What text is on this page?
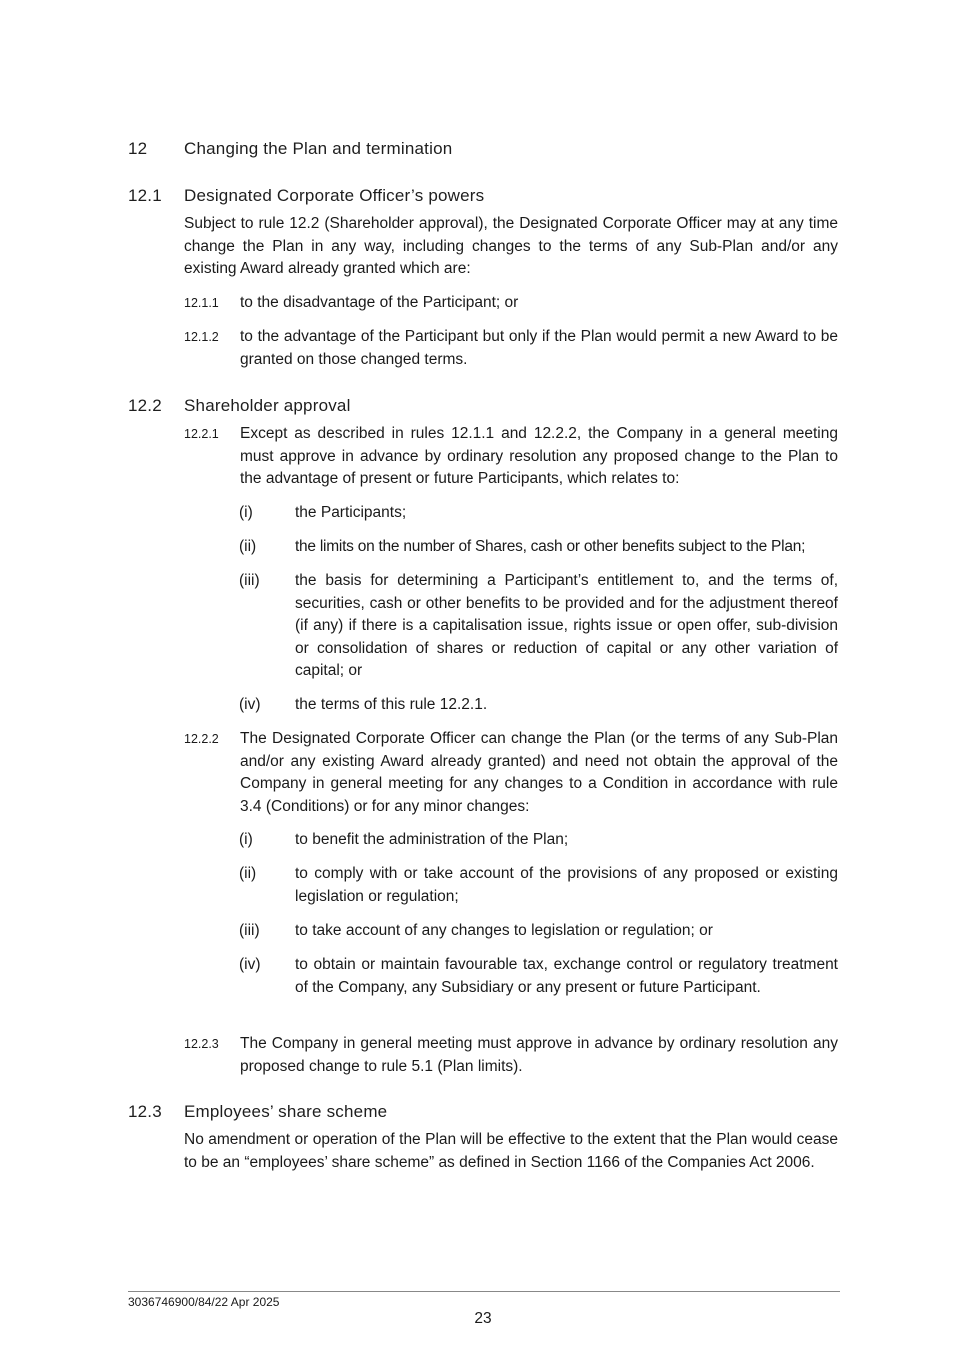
12 Changing the Plan and termination
12.1 Designated Corporate Officer’s powers
Subject to rule 12.2 (Shareholder approval), the Designated Corporate Officer may at any time change the Plan in any way, including changes to the terms of any Sub-Plan and/or any existing Award already granted which are:
12.1.1 to the disadvantage of the Participant; or
12.1.2 to the advantage of the Participant but only if the Plan would permit a new Award to be granted on those changed terms.
12.2 Shareholder approval
12.2.1 Except as described in rules 12.1.1 and 12.2.2, the Company in a general meeting must approve in advance by ordinary resolution any proposed change to the Plan to the advantage of present or future Participants, which relates to:
(i)	the Participants;
(ii)	the limits on the number of Shares, cash or other benefits subject to the Plan;
(iii) the basis for determining a Participant’s entitlement to, and the terms of, securities, cash or other benefits to be provided and for the adjustment thereof (if any) if there is a capitalisation issue, rights issue or open offer, sub-division or consolidation of shares or reduction of capital or any other variation of capital; or
(iv) the terms of this rule 12.2.1.
12.2.2 The Designated Corporate Officer can change the Plan (or the terms of any Sub-Plan and/or any existing Award already granted) and need not obtain the approval of the Company in general meeting for any changes to a Condition in accordance with rule 3.4 (Conditions) or for any minor changes:
(i)	to benefit the administration of the Plan;
(ii)	to comply with or take account of the provisions of any proposed or existing legislation or regulation;
(iii) to take account of any changes to legislation or regulation; or
(iv) to obtain or maintain favourable tax, exchange control or regulatory treatment of the Company, any Subsidiary or any present or future Participant.
12.2.3 The Company in general meeting must approve in advance by ordinary resolution any proposed change to rule 5.1 (Plan limits).
12.3 Employees’ share scheme
No amendment or operation of the Plan will be effective to the extent that the Plan would cease to be an “employees’ share scheme” as defined in Section 1166 of the Companies Act 2006.
3036746900/84/22 Apr 2025
23
